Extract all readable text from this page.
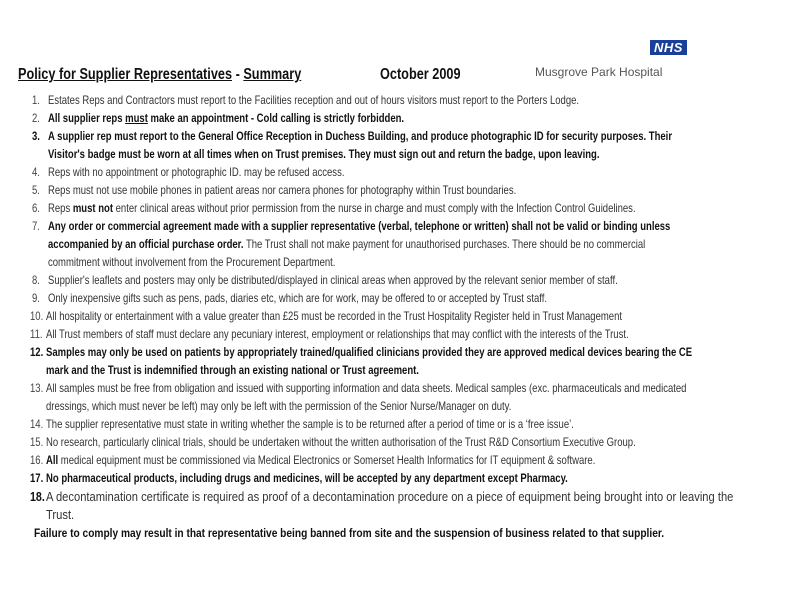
Policy for Supplier Representatives - Summary	October 2009
NHS
Musgrove Park Hospital
1. Estates Reps and Contractors must report to the Facilities reception and out of hours visitors must report to the Porters Lodge.
2. All supplier reps must make an appointment - Cold calling is strictly forbidden.
3. A supplier rep must report to the General Office Reception in Duchess Building, and produce photographic ID for security purposes. Their
Visitor's badge must be worn at all times when on Trust premises. They must sign out and return the badge, upon leaving.
4. Reps with no appointment or photographic ID. may be refused access.
5. Reps must not use mobile phones in patient areas nor camera phones for photography within Trust boundaries.
6. Reps must not enter clinical areas without prior permission from the nurse in charge and must comply with the Infection Control Guidelines.
7. Any order or commercial agreement made with a supplier representative (verbal, telephone or written) shall not be valid or binding unless
accompanied by an official purchase order. The Trust shall not make payment for unauthorised purchases. There should be no commercial
commitment without involvement from the Procurement Department.
8. Supplier's leaflets and posters may only be distributed/displayed in clinical areas when approved by the relevant senior member of staff.
9. Only inexpensive gifts such as pens, pads, diaries etc, which are for work, may be offered to or accepted by Trust staff.
10. All hospitality or entertainment with a value greater than £25 must be recorded in the Trust Hospitality Register held in Trust Management
11. All Trust members of staff must declare any pecuniary interest, employment or relationships that may conflict with the interests of the Trust.
12. Samples may only be used on patients by appropriately trained/qualified clinicians provided they are approved medical devices bearing the CE
mark and the Trust is indemnified through an existing national or Trust agreement.
13. All samples must be free from obligation and issued with supporting information and data sheets. Medical samples (exc. pharmaceuticals and medicated
dressings, which must never be left) may only be left with the permission of the Senior Nurse/Manager on duty.
14. The supplier representative must state in writing whether the sample is to be returned after a period of time or is a ‘free issue’.
15. No research, particularly clinical trials, should be undertaken without the written authorisation of the Trust R&D Consortium Executive Group.
16. All medical equipment must be commissioned via Medical Electronics or Somerset Health Informatics for IT equipment & software.
17. No pharmaceutical products, including drugs and medicines, will be accepted by any department except Pharmacy.
18. A decontamination certificate is required as proof of a decontamination procedure on a piece of equipment being brought into or leaving the
Trust.
Failure to comply may result in that representative being banned from site and the suspension of business related to that supplier.
